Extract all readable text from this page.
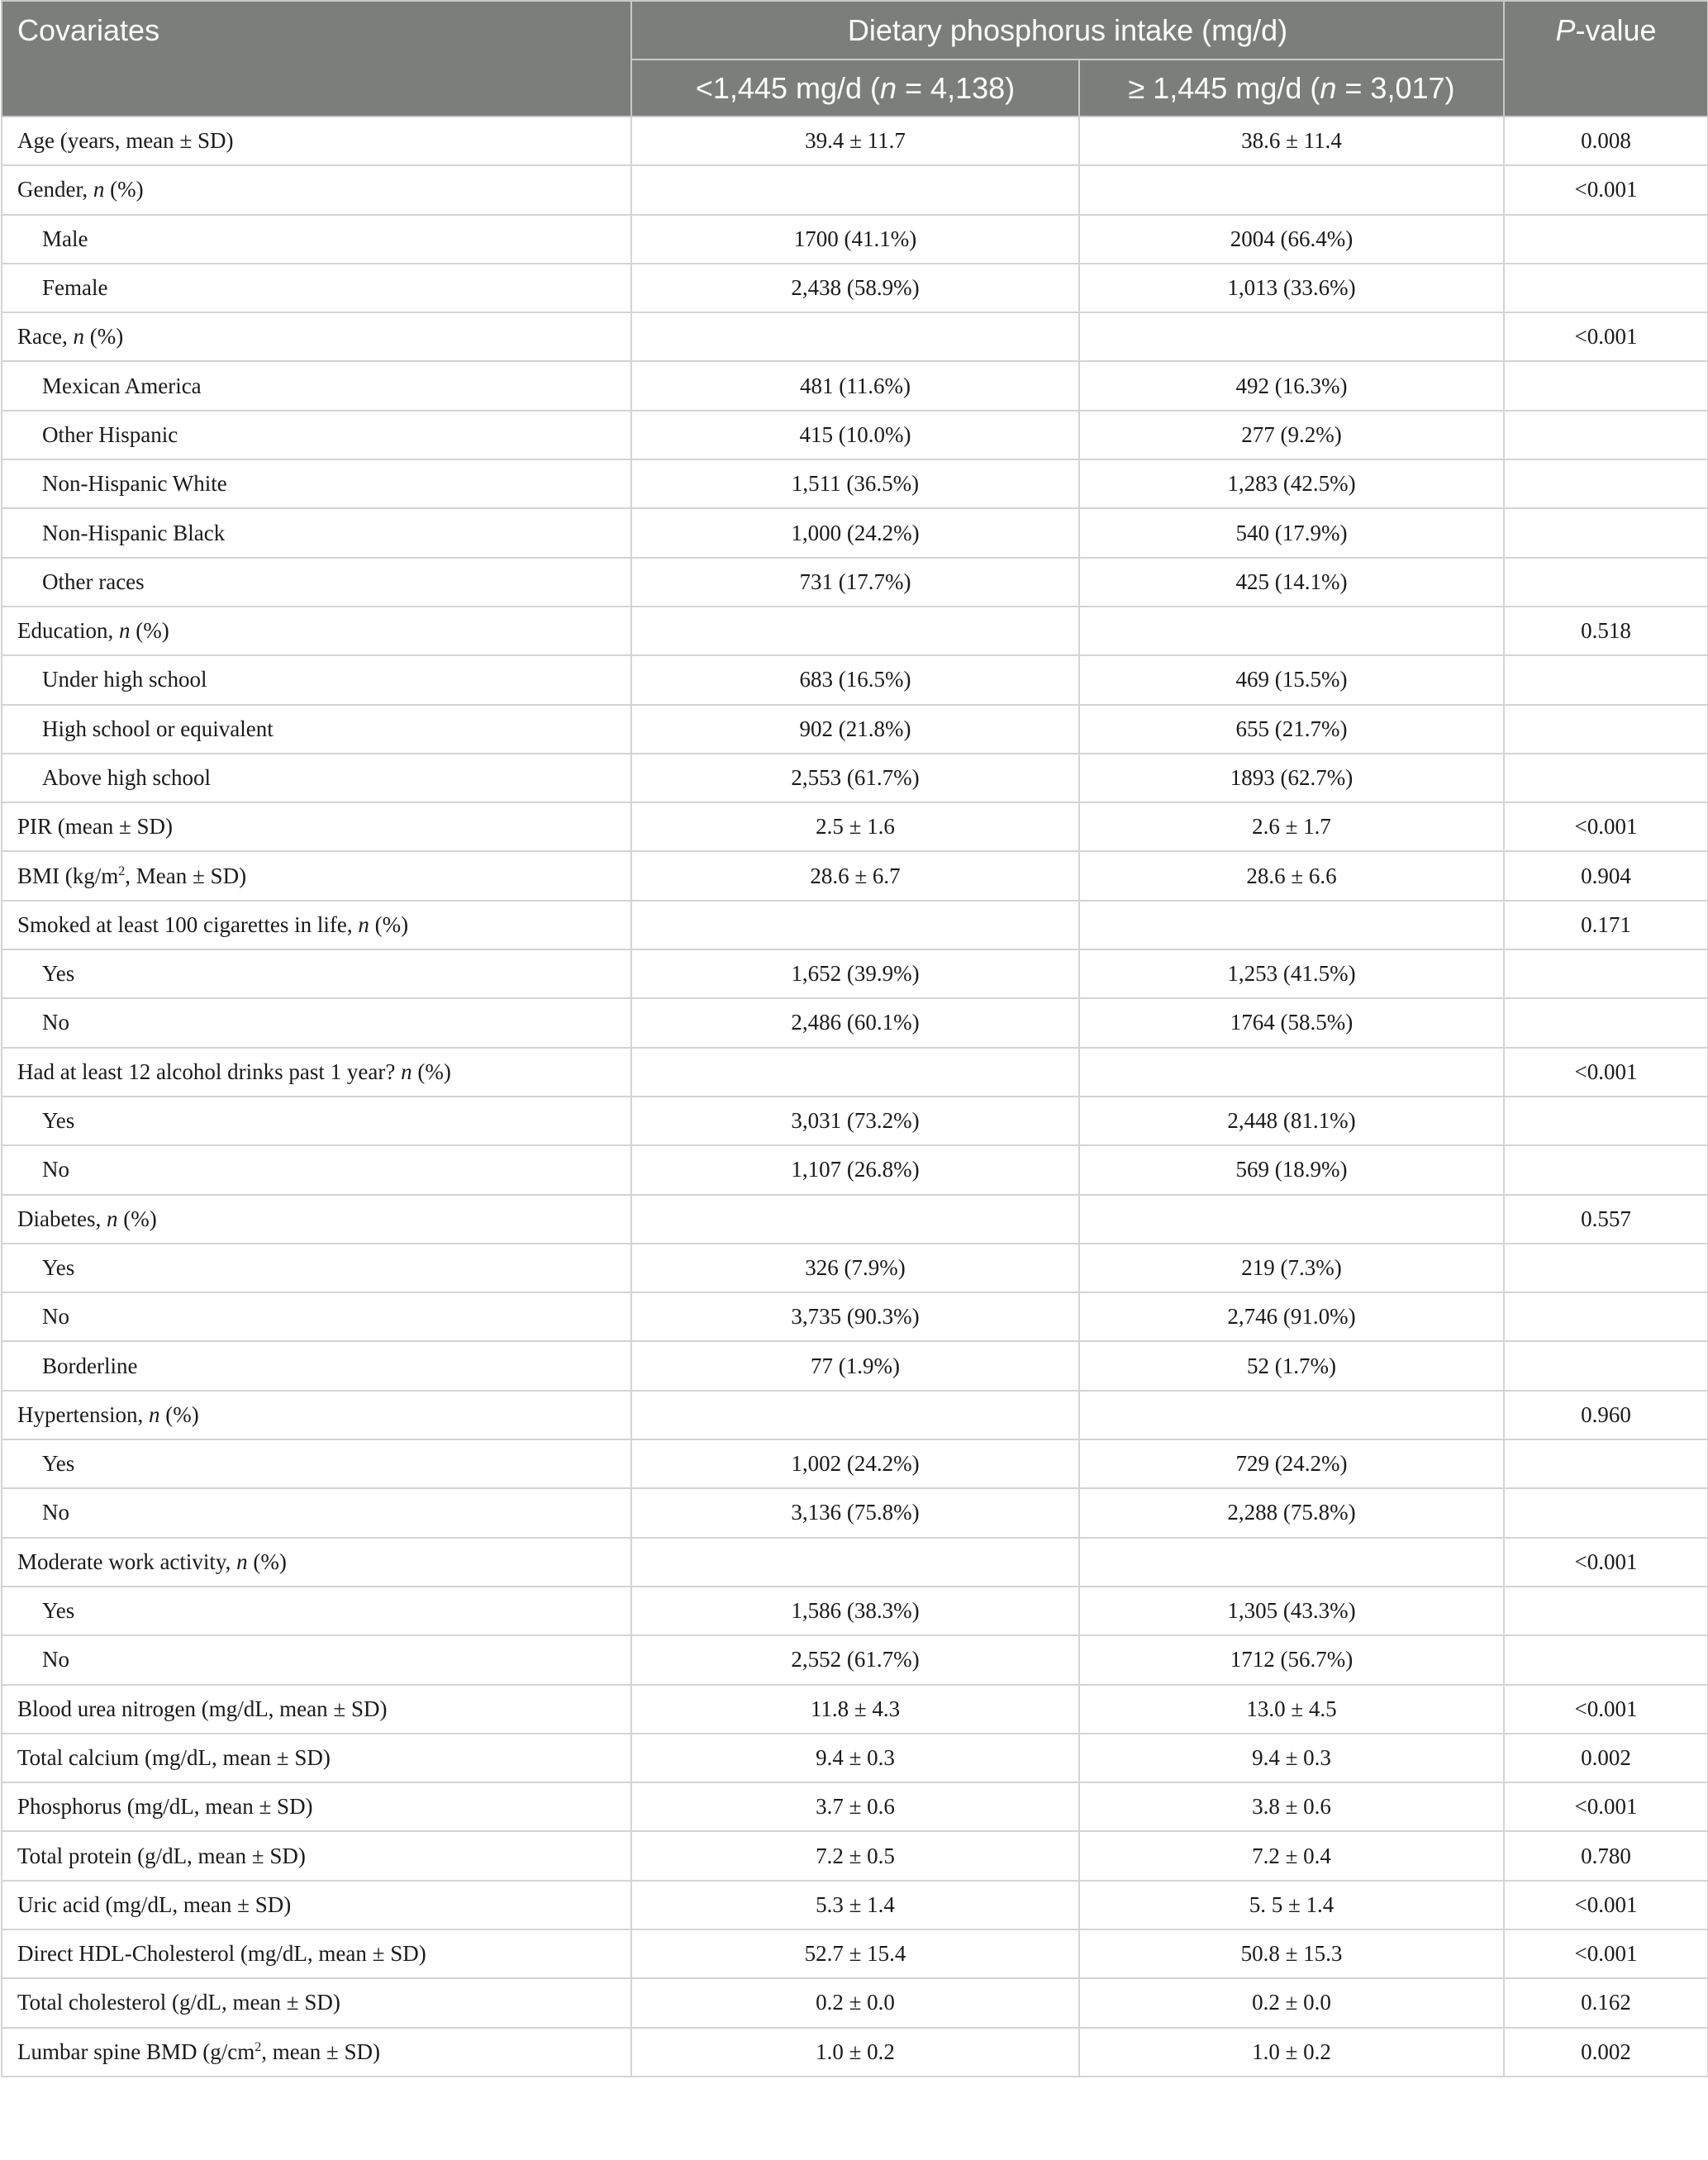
Covariates	Dietary phosphorus intake (mg/d)		P-value
	<1,445 mg/d (n = 4,138)	≥ 1,445 mg/d (n = 3,017)	
Age (years, mean ± SD)	39.4 ± 11.7	38.6 ± 11.4	0.008
Gender, n (%)			<0.001
Male	1700 (41.1%)	2004 (66.4%)	
Female	2,438 (58.9%)	1,013 (33.6%)	
Race, n (%)			<0.001
Mexican America	481 (11.6%)	492 (16.3%)	
Other Hispanic	415 (10.0%)	277 (9.2%)	
Non-Hispanic White	1,511 (36.5%)	1,283 (42.5%)	
Non-Hispanic Black	1,000 (24.2%)	540 (17.9%)	
Other races	731 (17.7%)	425 (14.1%)	
Education, n (%)			0.518
Under high school	683 (16.5%)	469 (15.5%)	
High school or equivalent	902 (21.8%)	655 (21.7%)	
Above high school	2,553 (61.7%)	1893 (62.7%)	
PIR (mean ± SD)	2.5 ± 1.6	2.6 ± 1.7	<0.001
BMI ($kg/m^2$, Mean ± SD)	28.6 ± 6.7	28.6 ± 6.6	0.904
Smoked at least 100 cigarettes in life, n (%)			0.171
Yes	1,652 (39.9%)	1,253 (41.5%)	
No	2,486 (60.1%)	1764 (58.5%)	
Had at least 12 alcohol drinks past 1 year? n (%)			<0.001
Yes	3,031 (73.2%)	2,448 (81.1%)	
No	1,107 (26.8%)	569 (18.9%)	
Diabetes, n (%)			0.557
Yes	326 (7.9%)	219 (7.3%)	
No	3,735 (90.3%)	2,746 (91.0%)	
Borderline	77 (1.9%)	52 (1.7%)	
Hypertension, n (%)			0.960
Yes	1,002 (24.2%)	729 (24.2%)	
No	3,136 (75.8%)	2,288 (75.8%)	
Moderate work activity, n (%)			<0.001
Yes	1,586 (38.3%)	1,305 (43.3%)	
No	2,552 (61.7%)	1712 (56.7%)	
Blood urea nitrogen (mg/dL, mean ± SD)	11.8 ± 4.3	13.0 ± 4.5	<0.001
Total calcium (mg/dL, mean ± SD)	9.4 ± 0.3	9.4 ± 0.3	0.002
Phosphorus (mg/dL, mean ± SD)	3.7 ± 0.6	3.8 ± 0.6	<0.001
Total protein (g/dL, mean ± SD)	7.2 ± 0.5	7.2 ± 0.4	0.780
Uric acid (mg/dL, mean ± SD)	5.3 ± 1.4	5. 5 ± 1.4	<0.001
Direct HDL-Cholesterol (mg/dL, mean ± SD)	52.7 ± 15.4	50.8 ± 15.3	<0.001
Total cholesterol (g/dL, mean ± SD)	0.2 ± 0.0	0.2 ± 0.0	0.162
Lumbar spine BMD ($g/cm^2$, mean ± SD)	1.0 ± 0.2	1.0 ± 0.2	0.002
